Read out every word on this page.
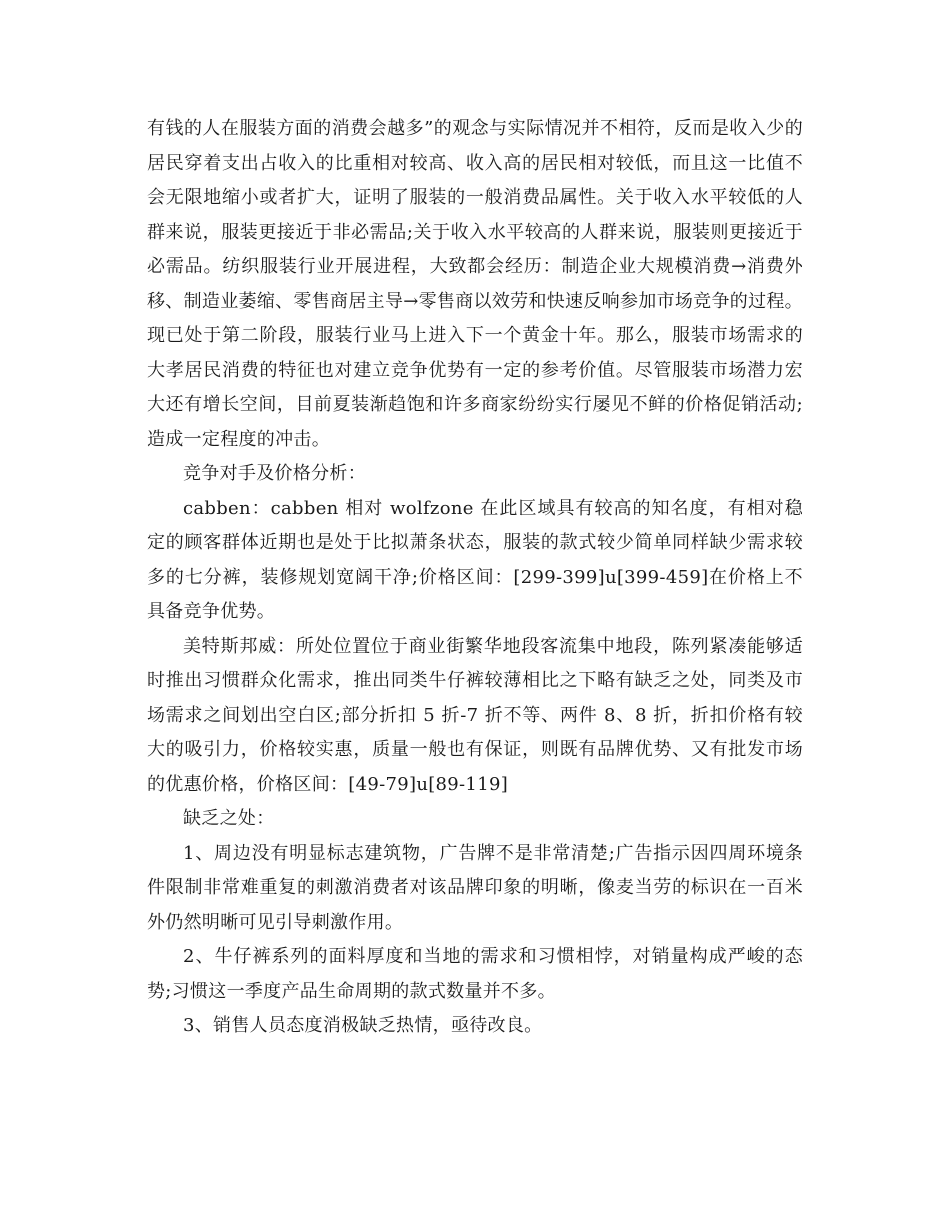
有钱的人在服装方面的消费会越多”的观念与实际情况并不相符，反而是收入少的居民穿着支出占收入的比重相对较高、收入高的居民相对较低，而且这一比值不会无限地缩小或者扩大，证明了服装的一般消费品属性。关于收入水平较低的人群来说，服装更接近于非必需品;关于收入水平较高的人群来说，服装则更接近于必需品。纺织服装行业开展进程，大致都会经历：制造企业大规模消费→消费外移、制造业萎缩、零售商居主导→零售商以效劳和快速反响参加市场竞争的过程。现已处于第二阶段，服装行业马上进入下一个黄金十年。那么，服装市场需求的大孝居民消费的特征也对建立竞争优势有一定的参考价值。尽管服装市场潜力宏大还有增长空间，目前夏装渐趋饱和许多商家纷纷实行屡见不鲜的价格促销活动;造成一定程度的冲击。

竞争对手及价格分析：

cabben：cabben 相对 wolfzone 在此区域具有较高的知名度，有相对稳定的顾客群体近期也是处于比拟萧条状态，服装的款式较少简单同样缺少需求较多的七分裤，装修规划宽阔干净;价格区间：[299-399]u[399-459]在价格上不具备竞争优势。

美特斯邦威：所处位置位于商业街繁华地段客流集中地段，陈列紧凑能够适时推出习惯群众化需求，推出同类牛仔裤较薄相比之下略有缺乏之处，同类及市场需求之间划出空白区;部分折扣 5 折-7 折不等、两件 8、8 折，折扣价格有较大的吸引力，价格较实惠，质量一般也有保证，则既有品牌优势、又有批发市场的优惠价格，价格区间：[49-79]u[89-119]

缺乏之处：

1、周边没有明显标志建筑物，广告牌不是非常清楚;广告指示因四周环境条件限制非常难重复的刺激消费者对该品牌印象的明晰，像麦当劳的标识在一百米外仍然明晰可见引导刺激作用。

2、牛仔裤系列的面料厚度和当地的需求和习惯相悖，对销量构成严峻的态势;习惯这一季度产品生命周期的款式数量并不多。

3、销售人员态度消极缺乏热情，亟待改良。
